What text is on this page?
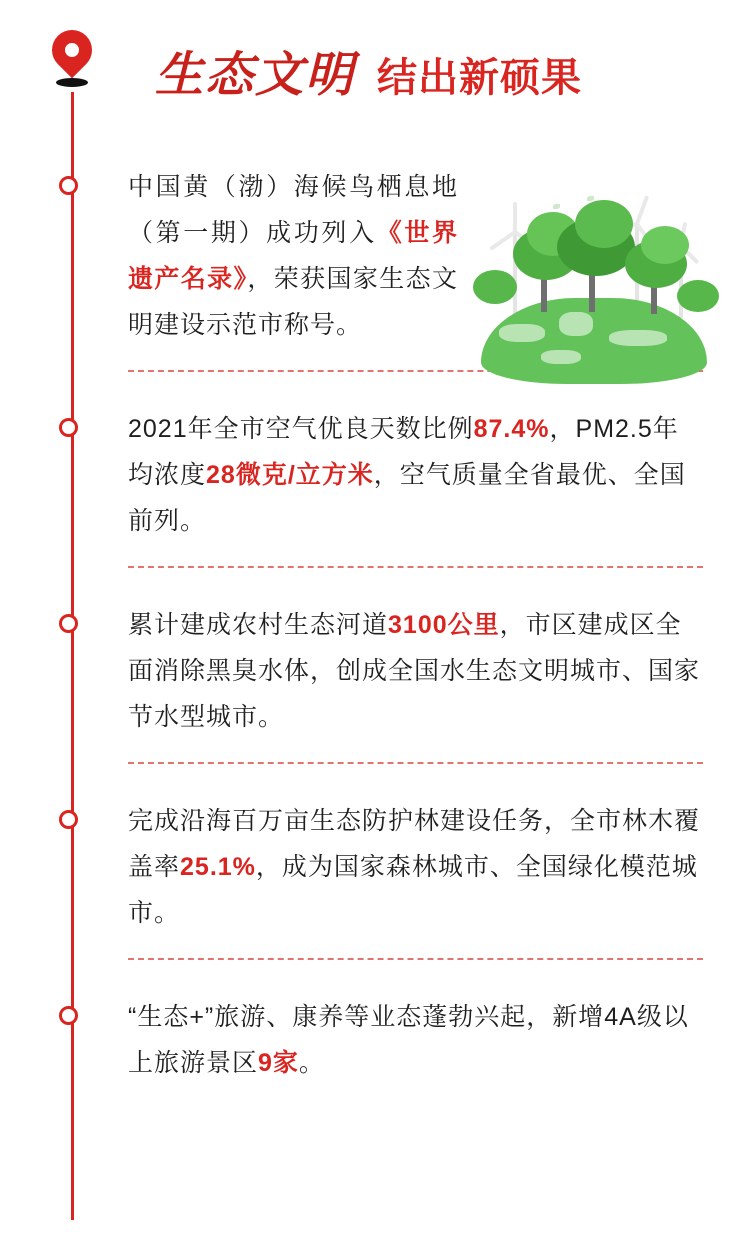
生态文明 结出新硕果

中国黄（渤）海候鸟栖息地（第一期）成功列入《世界遗产名录》，荣获国家生态文明建设示范市称号。

2021年全市空气优良天数比例87.4%，PM2.5年均浓度28微克/立方米，空气质量全省最优、全国前列。

累计建成农村生态河道3100公里，市区建成区全面消除黑臭水体，创成全国水生态文明城市、国家节水型城市。

完成沿海百万亩生态防护林建设任务，全市林木覆盖率25.1%，成为国家森林城市、全国绿化模范城市。

“生态+”旅游、康养等业态蓬勃兴起，新增4A级以上旅游景区9家。
